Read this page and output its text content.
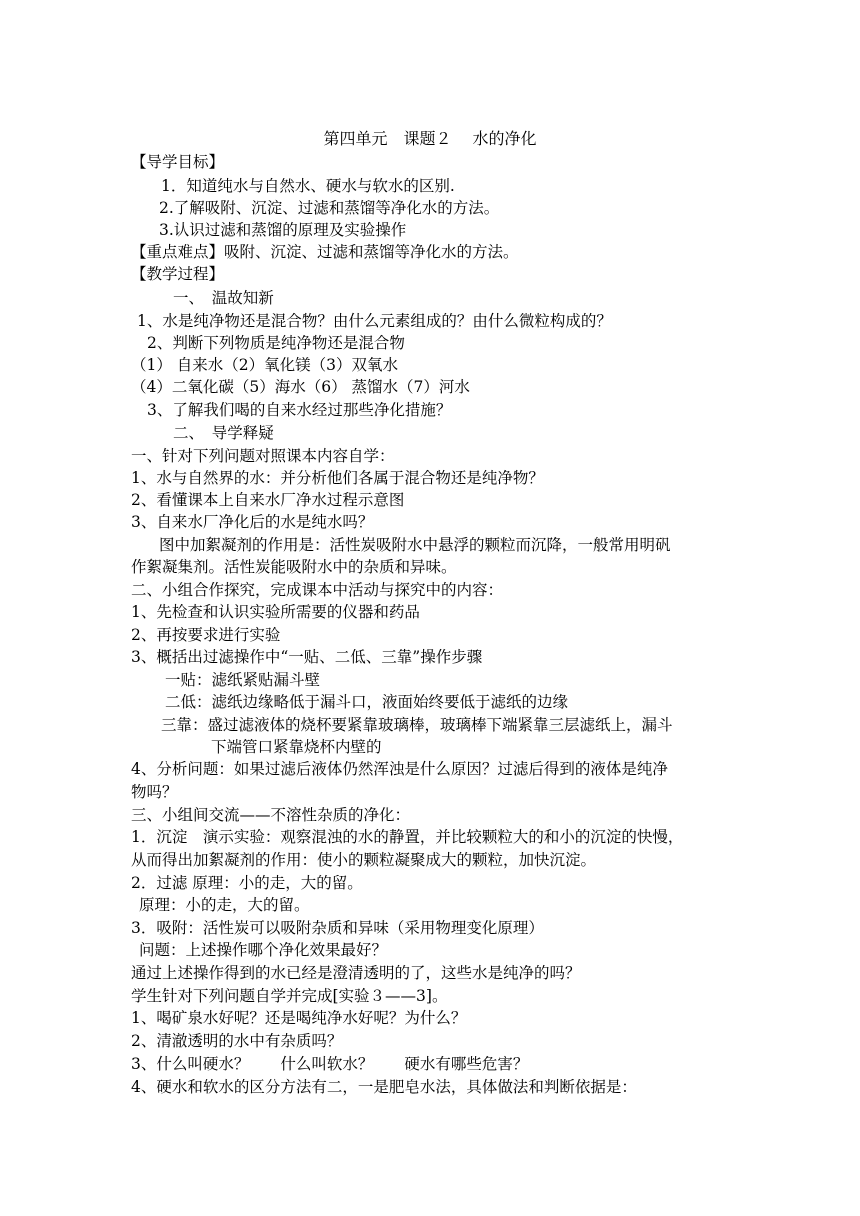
第四单元　课题２　 水的净化
【导学目标】
1．知道纯水与自然水、硬水与软水的区别.
2.了解吸附、沉淀、过滤和蒸馏等净化水的方法。
3.认识过滤和蒸馏的原理及实验操作
【重点难点】吸附、沉淀、过滤和蒸馏等净化水的方法。
【教学过程】
一、　温故知新
1、水是纯净物还是混合物？由什么元素组成的？由什么微粒构成的？
2、判断下列物质是纯净物还是混合物
（1） 自来水（2）氧化镁（3）双氧水
（4）二氧化碳（5）海水（6） 蒸馏水（7）河水
3、了解我们喝的自来水经过那些净化措施？
二、　导学释疑
一、针对下列问题对照课本内容自学：
1、水与自然界的水：并分析他们各属于混合物还是纯净物？
2、看懂课本上自来水厂净水过程示意图
3、自来水厂净化后的水是纯水吗？
图中加絮凝剂的作用是：活性炭吸附水中悬浮的颗粒而沉降，一般常用明矾
作絮凝集剂。活性炭能吸附水中的杂质和异味。
二、小组合作探究，完成课本中活动与探究中的内容：
1、先检查和认识实验所需要的仪器和药品
2、再按要求进行实验
3、概括出过滤操作中“一贴、二低、三靠”操作步骤
一贴：滤纸紧贴漏斗壁
二低：滤纸边缘略低于漏斗口，液面始终要低于滤纸的边缘
三靠：盛过滤液体的烧杯要紧靠玻璃棒，玻璃棒下端紧靠三层滤纸上，漏斗
下端管口紧靠烧杯内壁的
4、分析问题：如果过滤后液体仍然浑浊是什么原因？过滤后得到的液体是纯净
物吗？
三、小组间交流——不溶性杂质的净化：
1．沉淀　演示实验：观察混浊的水的静置，并比较颗粒大的和小的沉淀的快慢，
从而得出加絮凝剂的作用：使小的颗粒凝聚成大的颗粒，加快沉淀。
2．过滤 原理：小的走，大的留。
原理：小的走，大的留。
3．吸附：活性炭可以吸附杂质和异味（采用物理变化原理）
问题：上述操作哪个净化效果最好？
通过上述操作得到的水已经是澄清透明的了，这些水是纯净的吗？
学生针对下列问题自学并完成[实验３——3]。
1、喝矿泉水好呢？还是喝纯净水好呢？为什么？
2、清澈透明的水中有杂质吗？
3、什么叫硬水？　　什么叫软水？　　硬水有哪些危害？
4、硬水和软水的区分方法有二，一是肥皂水法，具体做法和判断依据是：
